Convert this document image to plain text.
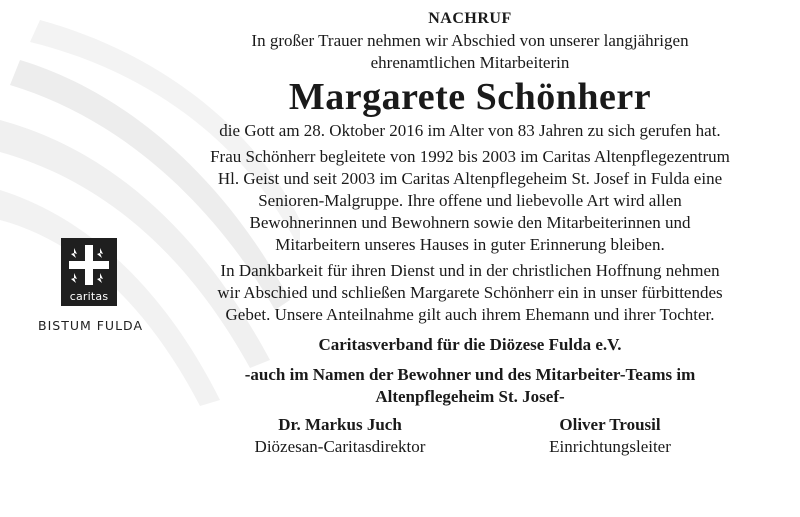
caritas
BISTUM FULDA
NACHRUF
In großer Trauer nehmen wir Abschied von unserer langjährigen
ehrenamtlichen Mitarbeiterin
Margarete Schönherr
die Gott am 28. Oktober 2016 im Alter von 83 Jahren zu sich gerufen hat.
Frau Schönherr begleitete von 1992 bis 2003 im Caritas Altenpflegezentrum
Hl. Geist und seit 2003 im Caritas Altenpflegeheim St. Josef in Fulda eine
Senioren-Malgruppe. Ihre offene und liebevolle Art wird allen
Bewohnerinnen und Bewohnern sowie den Mitarbeiterinnen und
Mitarbeitern unseres Hauses in guter Erinnerung bleiben.
In Dankbarkeit für ihren Dienst und in der christlichen Hoffnung nehmen
wir Abschied und schließen Margarete Schönherr ein in unser fürbittendes
Gebet. Unsere Anteilnahme gilt auch ihrem Ehemann und ihrer Tochter.
Caritasverband für die Diözese Fulda e.V.
-auch im Namen der Bewohner und des Mitarbeiter-Teams im
Altenpflegeheim St. Josef-
Dr. Markus Juch
Diözesan-Caritasdirektor
Oliver Trousil
Einrichtungsleiter
